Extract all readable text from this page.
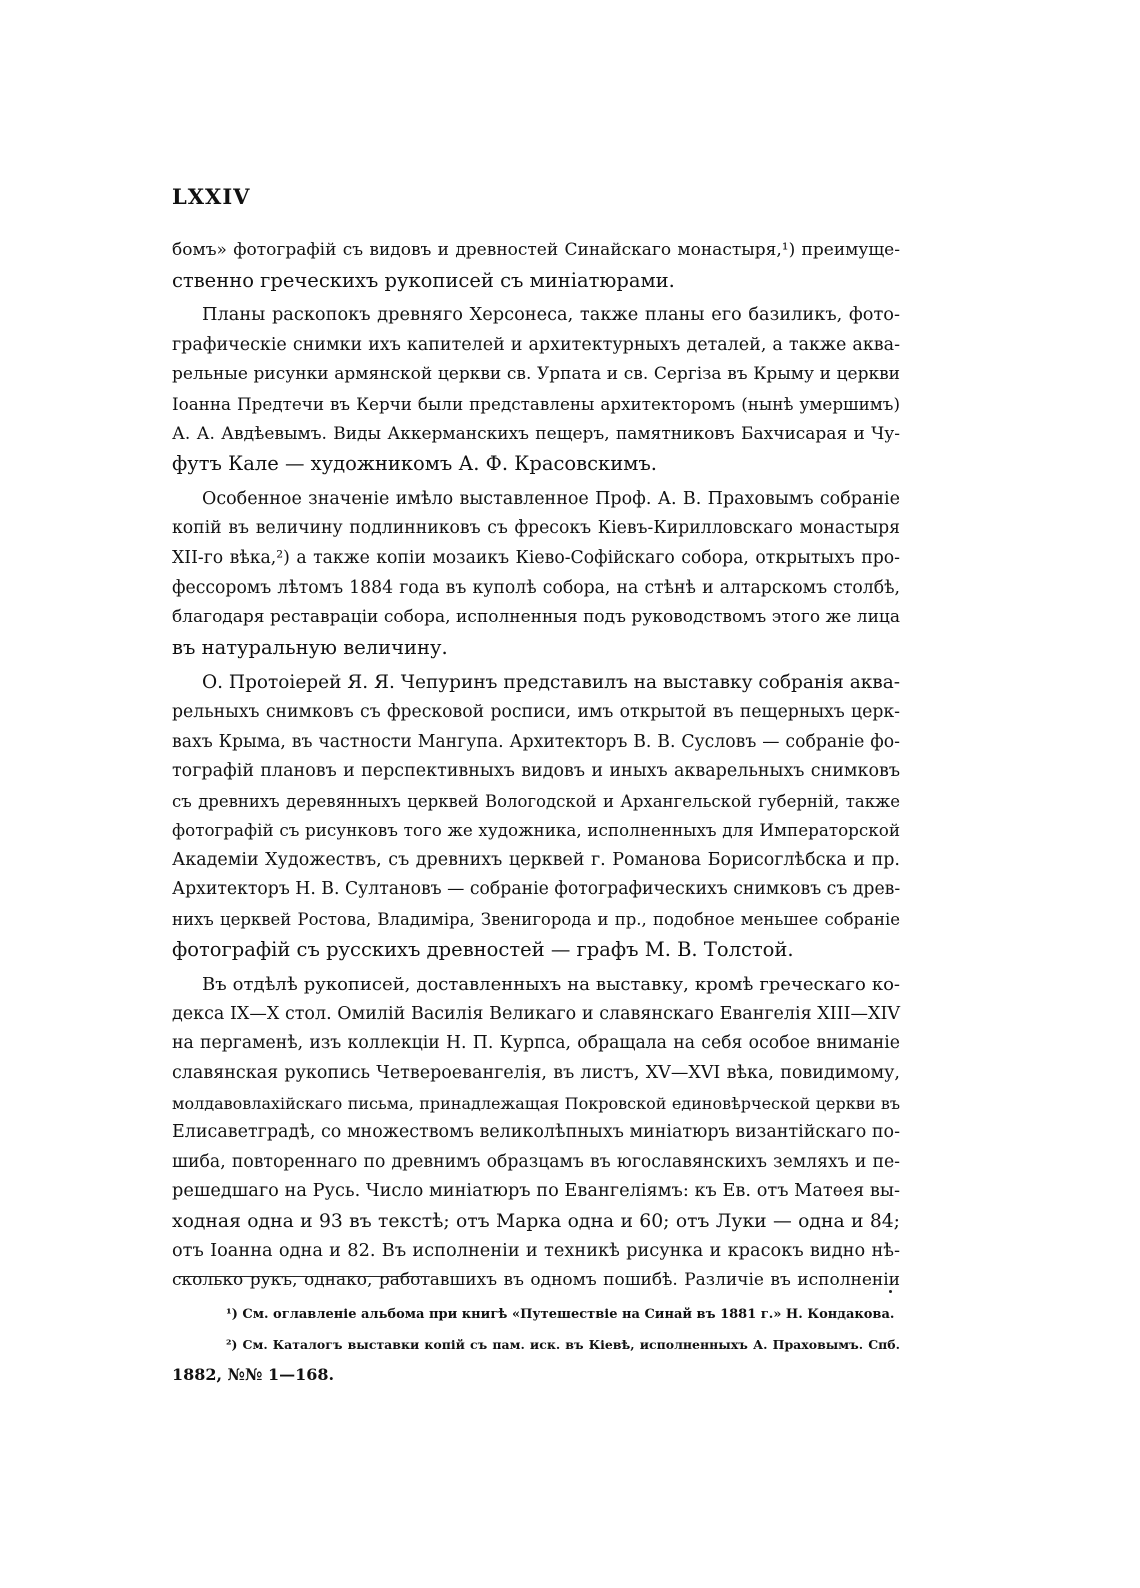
LXXIV
бомъ» фотографій съ видовъ и древностей Синайскаго монастыря,¹) преимуще-
ственно греческихъ рукописей съ миніатюрами.
Планы раскопокъ древняго Херсонеса, также планы его базиликъ, фото-
графическіе снимки ихъ капителей и архитектурныхъ деталей, а также аква-
рельные рисунки армянской церкви св. Урпата и св. Сергіза въ Крыму и церкви
Іоанна Предтечи въ Керчи были представлены архитекторомъ (нынѣ умершимъ)
А. А. Авдѣевымъ. Виды Аккерманскихъ пещеръ, памятниковъ Бахчисарая и Чу-
футъ Кале — художникомъ А. Ф. Красовскимъ.
Особенное значеніе имѣло выставленное Проф. А. В. Праховымъ собраніе
копій въ величину подлинниковъ съ фресокъ Кіевъ-Кирилловскаго монастыря
XII-го вѣка,²) а также копіи мозаикъ Кіево-Софійскаго собора, открытыхъ про-
фессоромъ лѣтомъ 1884 года въ куполѣ собора, на стѣнѣ и алтарскомъ столбѣ,
благодаря реставраціи собора, исполненныя подъ руководствомъ этого же лица
въ натуральную величину.
О. Протоіерей Я. Я. Чепуринъ представилъ на выставку собранія аква-
рельныхъ снимковъ съ фресковой росписи, имъ открытой въ пещерныхъ церк-
вахъ Крыма, въ частности Мангупа. Архитекторъ В. В. Сусловъ — собраніе фо-
тографій плановъ и перспективныхъ видовъ и иныхъ акварельныхъ снимковъ
съ древнихъ деревянныхъ церквей Вологодской и Архангельской губерній, также
фотографій съ рисунковъ того же художника, исполненныхъ для Императорской
Академіи Художествъ, съ древнихъ церквей г. Романова Борисоглѣбска и пр.
Архитекторъ Н. В. Султановъ — собраніе фотографическихъ снимковъ съ древ-
нихъ церквей Ростова, Владиміра, Звенигорода и пр., подобное меньшее собраніе
фотографій съ русскихъ древностей — графъ М. В. Толстой.
Въ отдѣлѣ рукописей, доставленныхъ на выставку, кромѣ греческаго ко-
декса IX—X стол. Омилій Василія Великаго и славянскаго Евангелія XIII—XIV
на пергаменѣ, изъ коллекціи Н. П. Курпса, обращала на себя особое вниманіе
славянская рукопись Четвероевангелія, въ листъ, XV—XVI вѣка, повидимому,
молдавовлахійскаго письма, принадлежащая Покровской единовѣрческой церкви въ
Елисаветградѣ, со множествомъ великолѣпныхъ миніатюръ византійскаго по-
шиба, повтореннаго по древнимъ образцамъ въ югославянскихъ земляхъ и пе-
решедшаго на Русь. Число миніатюръ по Евангеліямъ: къ Ев. отъ Матѳея вы-
ходная одна и 93 въ текстѣ; отъ Марка одна и 60; отъ Луки — одна и 84;
отъ Іоанна одна и 82. Въ исполненіи и техникѣ рисунка и красокъ видно нѣ-
сколько рукъ, однако, работавшихъ въ одномъ пошибѣ. Различіе въ исполненіи
¹) См. оглавленіе альбома при книгѣ «Путешествіе на Синай въ 1881 г.» Н. Кондакова.
²) См. Каталогъ выставки копій съ пам. иск. въ Кіевѣ, исполненныхъ А. Праховымъ. Спб.
1882, №№ 1—168.
